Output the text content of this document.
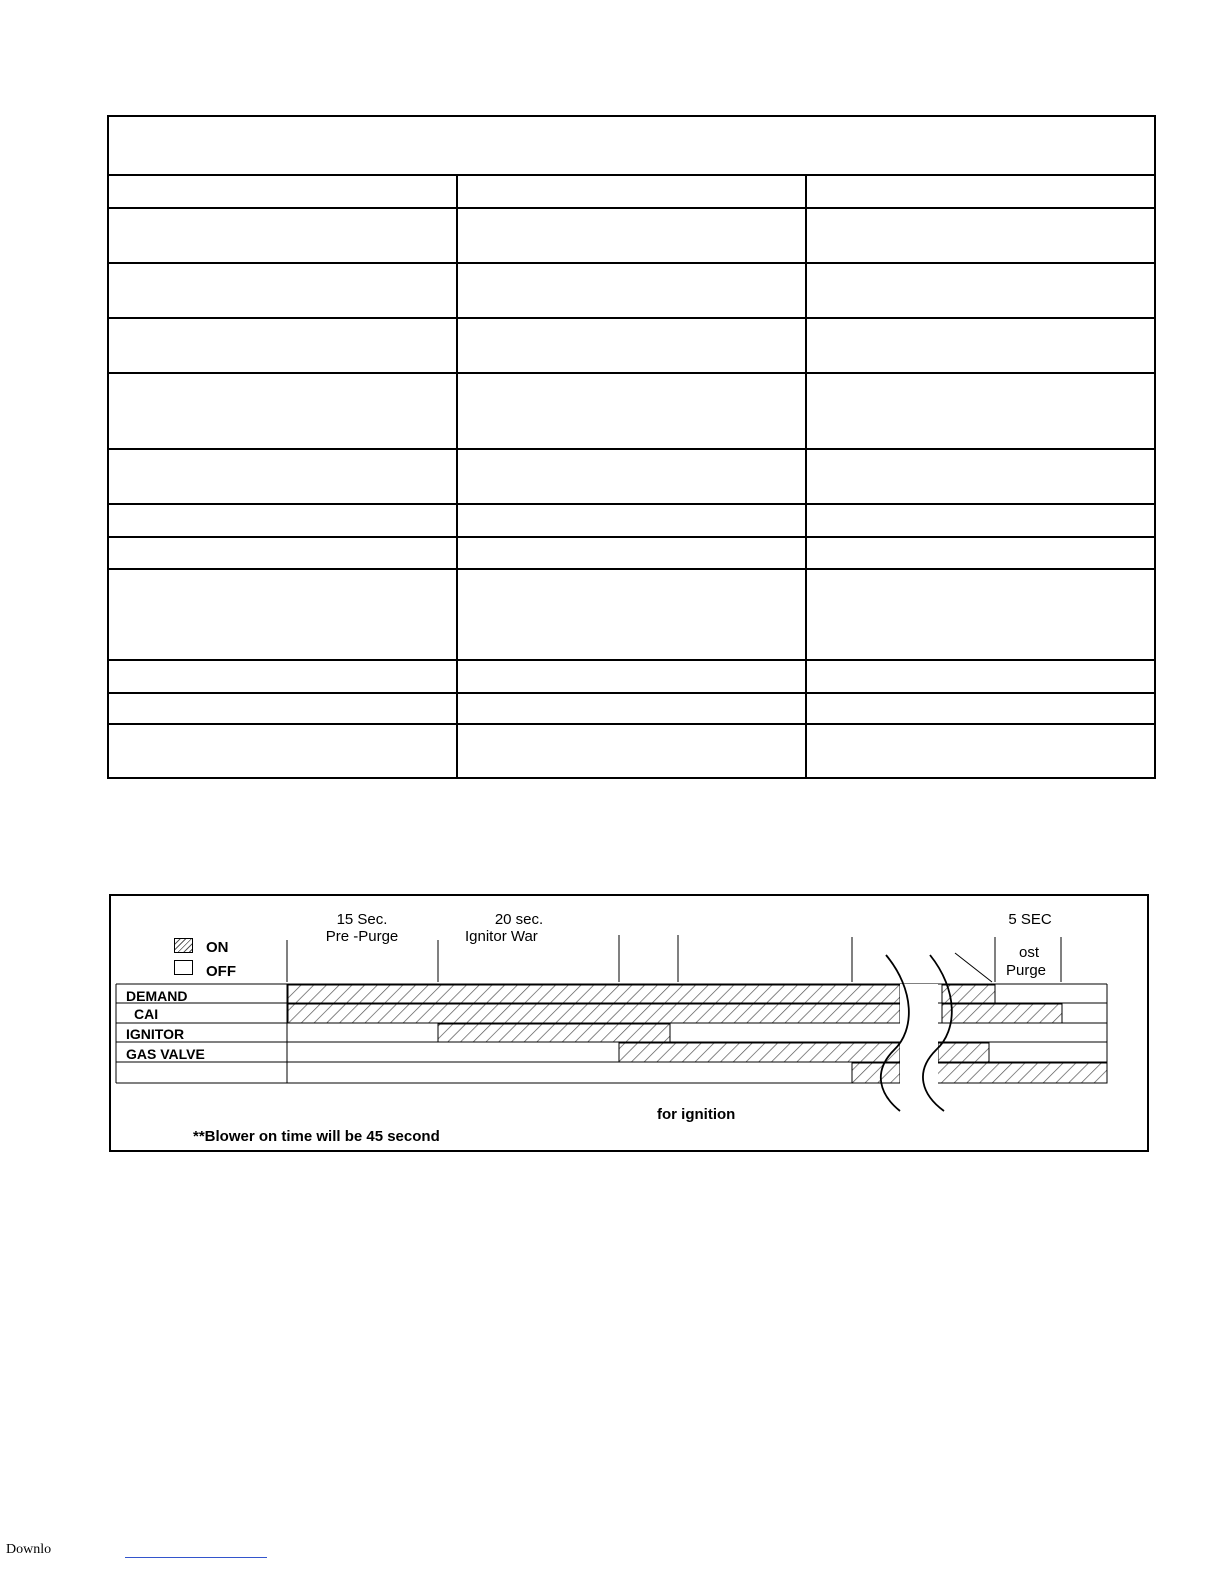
ON
OFF
15 Sec.
Pre -Purge
20 sec.
Ignitor War
5 SEC
ost
Purge
DEMAND
CAI
IGNITOR
GAS VALVE
for ignition
**Blower on time will be 45 second
Downlo
